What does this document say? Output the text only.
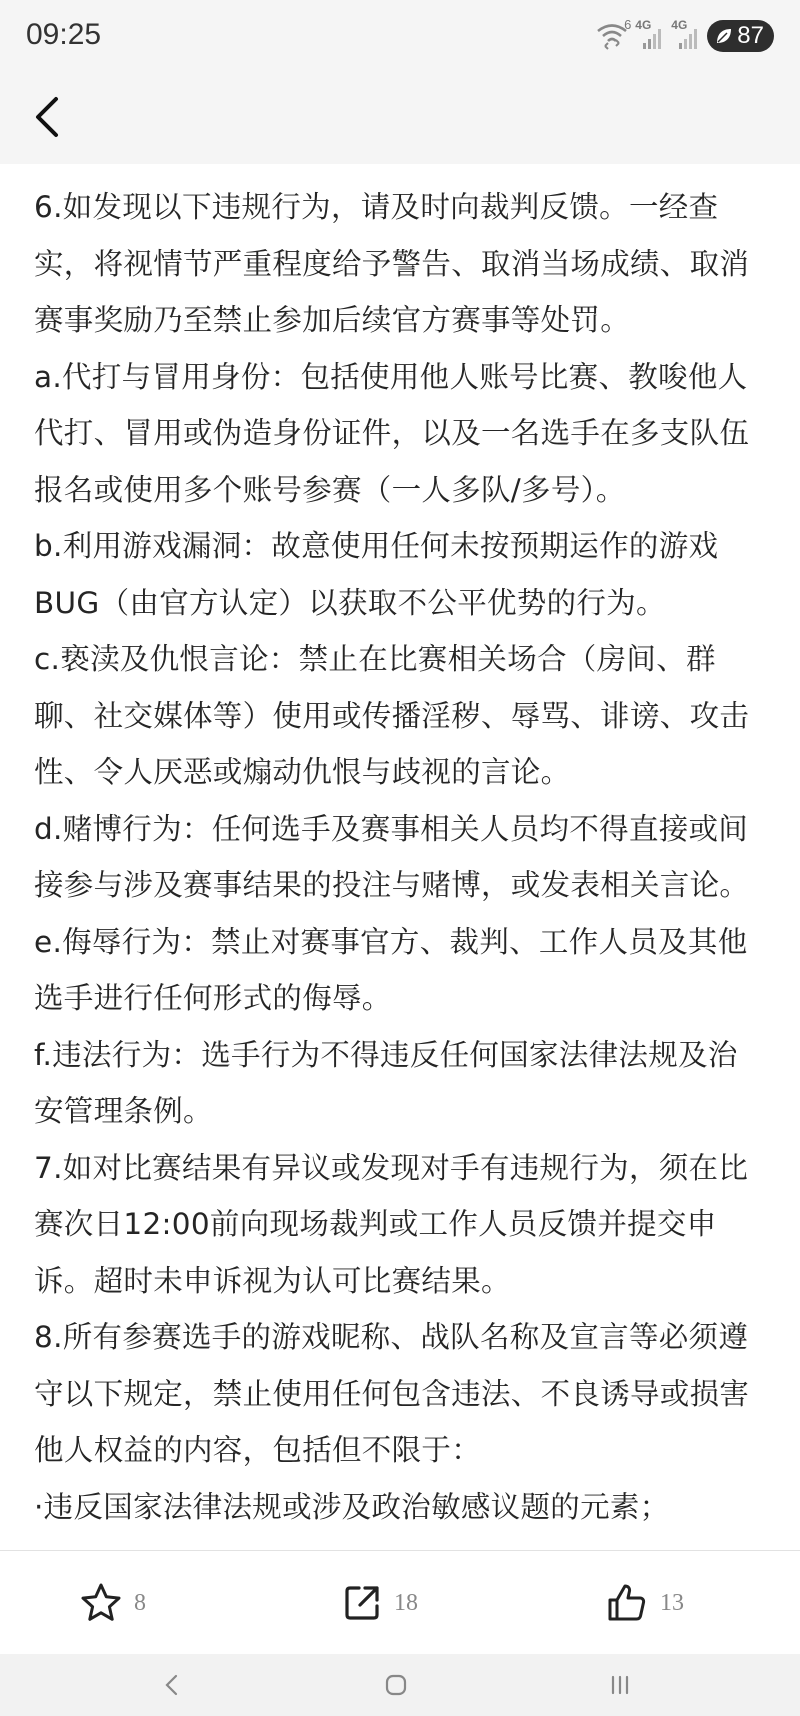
09:25	6 4G 4G 87

6.如发现以下违规行为，请及时向裁判反馈。一经查实，将视情节严重程度给予警告、取消当场成绩、取消赛事奖励乃至禁止参加后续官方赛事等处罚。

a.代打与冒用身份：包括使用他人账号比赛、教唆他人代打、冒用或伪造身份证件，以及一名选手在多支队伍报名或使用多个账号参赛（一人多队/多号）。

b.利用游戏漏洞：故意使用任何未按预期运作的游戏BUG（由官方认定）以获取不公平优势的行为。

c.亵渎及仇恨言论：禁止在比赛相关场合（房间、群聊、社交媒体等）使用或传播淫秽、辱骂、诽谤、攻击性、令人厌恶或煽动仇恨与歧视的言论。

d.赌博行为：任何选手及赛事相关人员均不得直接或间接参与涉及赛事结果的投注与赌博，或发表相关言论。

e.侮辱行为：禁止对赛事官方、裁判、工作人员及其他选手进行任何形式的侮辱。

f.违法行为：选手行为不得违反任何国家法律法规及治安管理条例。

7.如对比赛结果有异议或发现对手有违规行为，须在比赛次日12:00前向现场裁判或工作人员反馈并提交申诉。超时未申诉视为认可比赛结果。

8.所有参赛选手的游戏昵称、战队名称及宣言等必须遵守以下规定，禁止使用任何包含违法、不良诱导或损害他人权益的内容，包括但不限于：

·违反国家法律法规或涉及政治敏感议题的元素；

8	18	13
